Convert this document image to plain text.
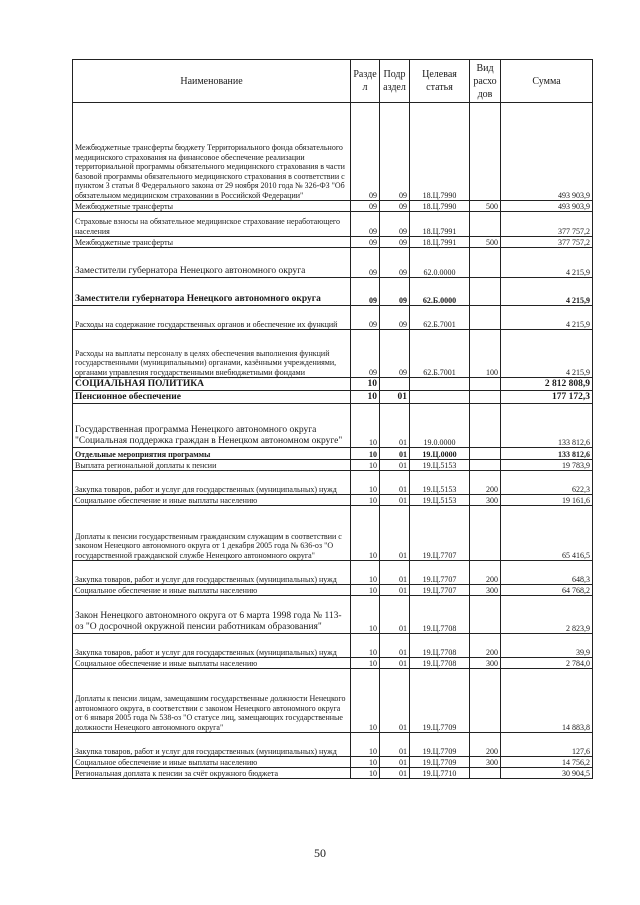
Наименование	Разде л	Подр аздел	Целевая статья	Вид расхо дов	Сумма
Межбюджетные трансферты бюджету Территориального фонда обязательного медицинского страхования на финансовое обеспечение реализации территориальной программы обязательного медицинского страхования в части базовой программы обязательного медицинского страхования в соответствии с пунктом 3 статьи 8 Федерального закона от 29 ноября 2010 года № 326-ФЗ "Об обязательном медицинском страховании в Российской Федерации"	09	09	18.Ц.7990		493 903,9
Межбюджетные трансферты	09	09	18.Ц.7990	500	493 903,9
Страховые взносы на обязательное медицинское страхование неработающего населения	09	09	18.Ц.7991		377 757,2
Межбюджетные трансферты	09	09	18.Ц.7991	500	377 757,2
Заместители губернатора Ненецкого автономного округа	09	09	62.0.0000		4 215,9
Заместители губернатора Ненецкого автономного округа	09	09	62.Б.0000		4 215,9
Расходы на содержание государственных органов и обеспечение их функций	09	09	62.Б.7001		4 215,9
Расходы на выплаты персоналу в целях обеспечения выполнения функций государственными (муниципальными) органами, казёнными учреждениями, органами управления государственными внебюджетными фондами	09	09	62.Б.7001	100	4 215,9
СОЦИАЛЬНАЯ ПОЛИТИКА	10				2 812 808,9
Пенсионное обеспечение	10	01			177 172,3
Государственная программа Ненецкого автономного округа "Социальная поддержка граждан в Ненецком автономном округе"	10	01	19.0.0000		133 812,6
Отдельные мероприятия программы	10	01	19.Ц.0000		133 812,6
Выплата региональной доплаты к пенсии	10	01	19.Ц.5153		19 783,9
Закупка товаров, работ и услуг для государственных (муниципальных) нужд	10	01	19.Ц.5153	200	622,3
Социальное обеспечение и иные выплаты населению	10	01	19.Ц.5153	300	19 161,6
Доплаты к пенсии государственным гражданским служащим в соответствии с законом Ненецкого автономного округа от 1 декабря 2005 года № 636-оз "О государственной гражданской службе Ненецкого автономного округа"	10	01	19.Ц.7707		65 416,5
Закупка товаров, работ и услуг для государственных (муниципальных) нужд	10	01	19.Ц.7707	200	648,3
Социальное обеспечение и иные выплаты населению	10	01	19.Ц.7707	300	64 768,2
Закон Ненецкого автономного округа от 6 марта 1998 года № 113-оз "О досрочной окружной пенсии работникам образования"	10	01	19.Ц.7708		2 823,9
Закупка товаров, работ и услуг для государственных (муниципальных) нужд	10	01	19.Ц.7708	200	39,9
Социальное обеспечение и иные выплаты населению	10	01	19.Ц.7708	300	2 784,0
Доплаты к пенсии лицам, замещавшим государственные должности Ненецкого автономного округа, в соответствии с законом Ненецкого автономного округа от 6 января 2005 года № 538-оз "О статусе лиц, замещающих государственные должности Ненецкого автономного округа"	10	01	19.Ц.7709		14 883,8
Закупка товаров, работ и услуг для государственных (муниципальных) нужд	10	01	19.Ц.7709	200	127,6
Социальное обеспечение и иные выплаты населению	10	01	19.Ц.7709	300	14 756,2
Региональная доплата к пенсии за счёт окружного бюджета	10	01	19.Ц.7710		30 904,5
50
